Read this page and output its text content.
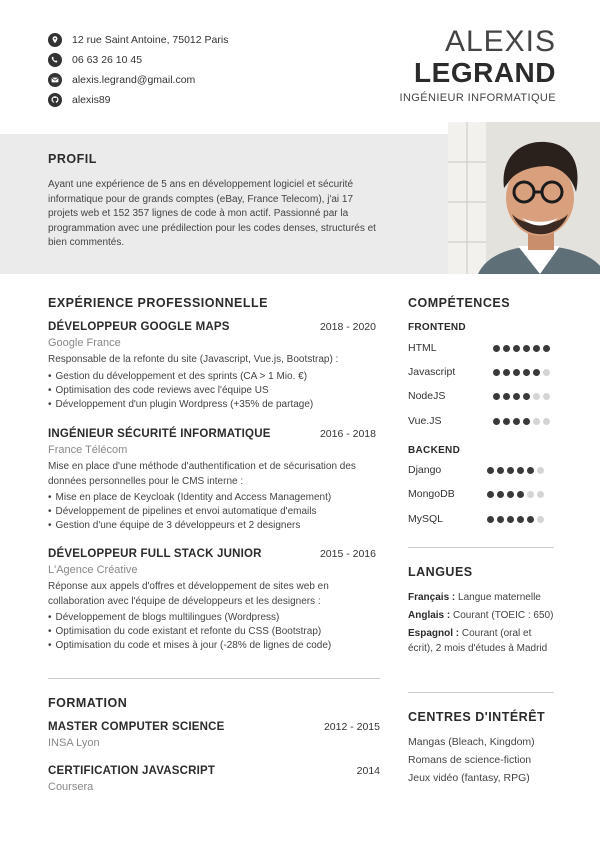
12 rue Saint Antoine, 75012 Paris
06 63 26 10 45
alexis.legrand@gmail.com
alexis89
ALEXIS
LEGRAND
INGÉNIEUR INFORMATIQUE
PROFIL
Ayant une expérience de 5 ans en développement logiciel et sécurité informatique pour de grands comptes (eBay, France Telecom), j'ai 17 projets web et 152 357 lignes de code à mon actif. Passionné par la programmation avec une prédilection pour les codes denses, structurés et bien commentés.
EXPÉRIENCE PROFESSIONNELLE
DÉVELOPPEUR GOOGLE MAPS	2018 - 2020
Google France
Responsable de la refonte du site (Javascript, Vue.js, Bootstrap) :
• Gestion du développement et des sprints (CA > 1 Mio. €)
• Optimisation des code reviews avec l'équipe US
• Développement d'un plugin Wordpress (+35% de partage)
INGÉNIEUR SÉCURITÉ INFORMATIQUE	2016 - 2018
France Télécom
Mise en place d'une méthode d'authentification et de sécurisation des données personnelles pour le CMS interne :
• Mise en place de Keycloak (Identity and Access Management)
• Développement de pipelines et envoi automatique d'emails
• Gestion d'une équipe de 3 développeurs et 2 designers
DÉVELOPPEUR FULL STACK JUNIOR	2015 - 2016
L'Agence Créative
Réponse aux appels d'offres et développement de sites web en collaboration avec l'équipe de développeurs et les designers :
• Développement de blogs multilingues (Wordpress)
• Optimisation du code existant et refonte du CSS (Bootstrap)
• Optimisation du code et mises à jour (-28% de lignes de code)
FORMATION
MASTER COMPUTER SCIENCE	2012 - 2015
INSA Lyon
CERTIFICATION JAVASCRIPT	2014
Coursera
COMPÉTENCES
FRONTEND
HTML
Javascript
NodeJS
Vue.JS
BACKEND
Django
MongoDB
MySQL
LANGUES
Français : Langue maternelle
Anglais : Courant (TOEIC : 650)
Espagnol : Courant (oral et écrit), 2 mois d'études à Madrid
CENTRES D'INTÉRÊT
Mangas (Bleach, Kingdom)
Romans de science-fiction
Jeux vidéo (fantasy, RPG)
